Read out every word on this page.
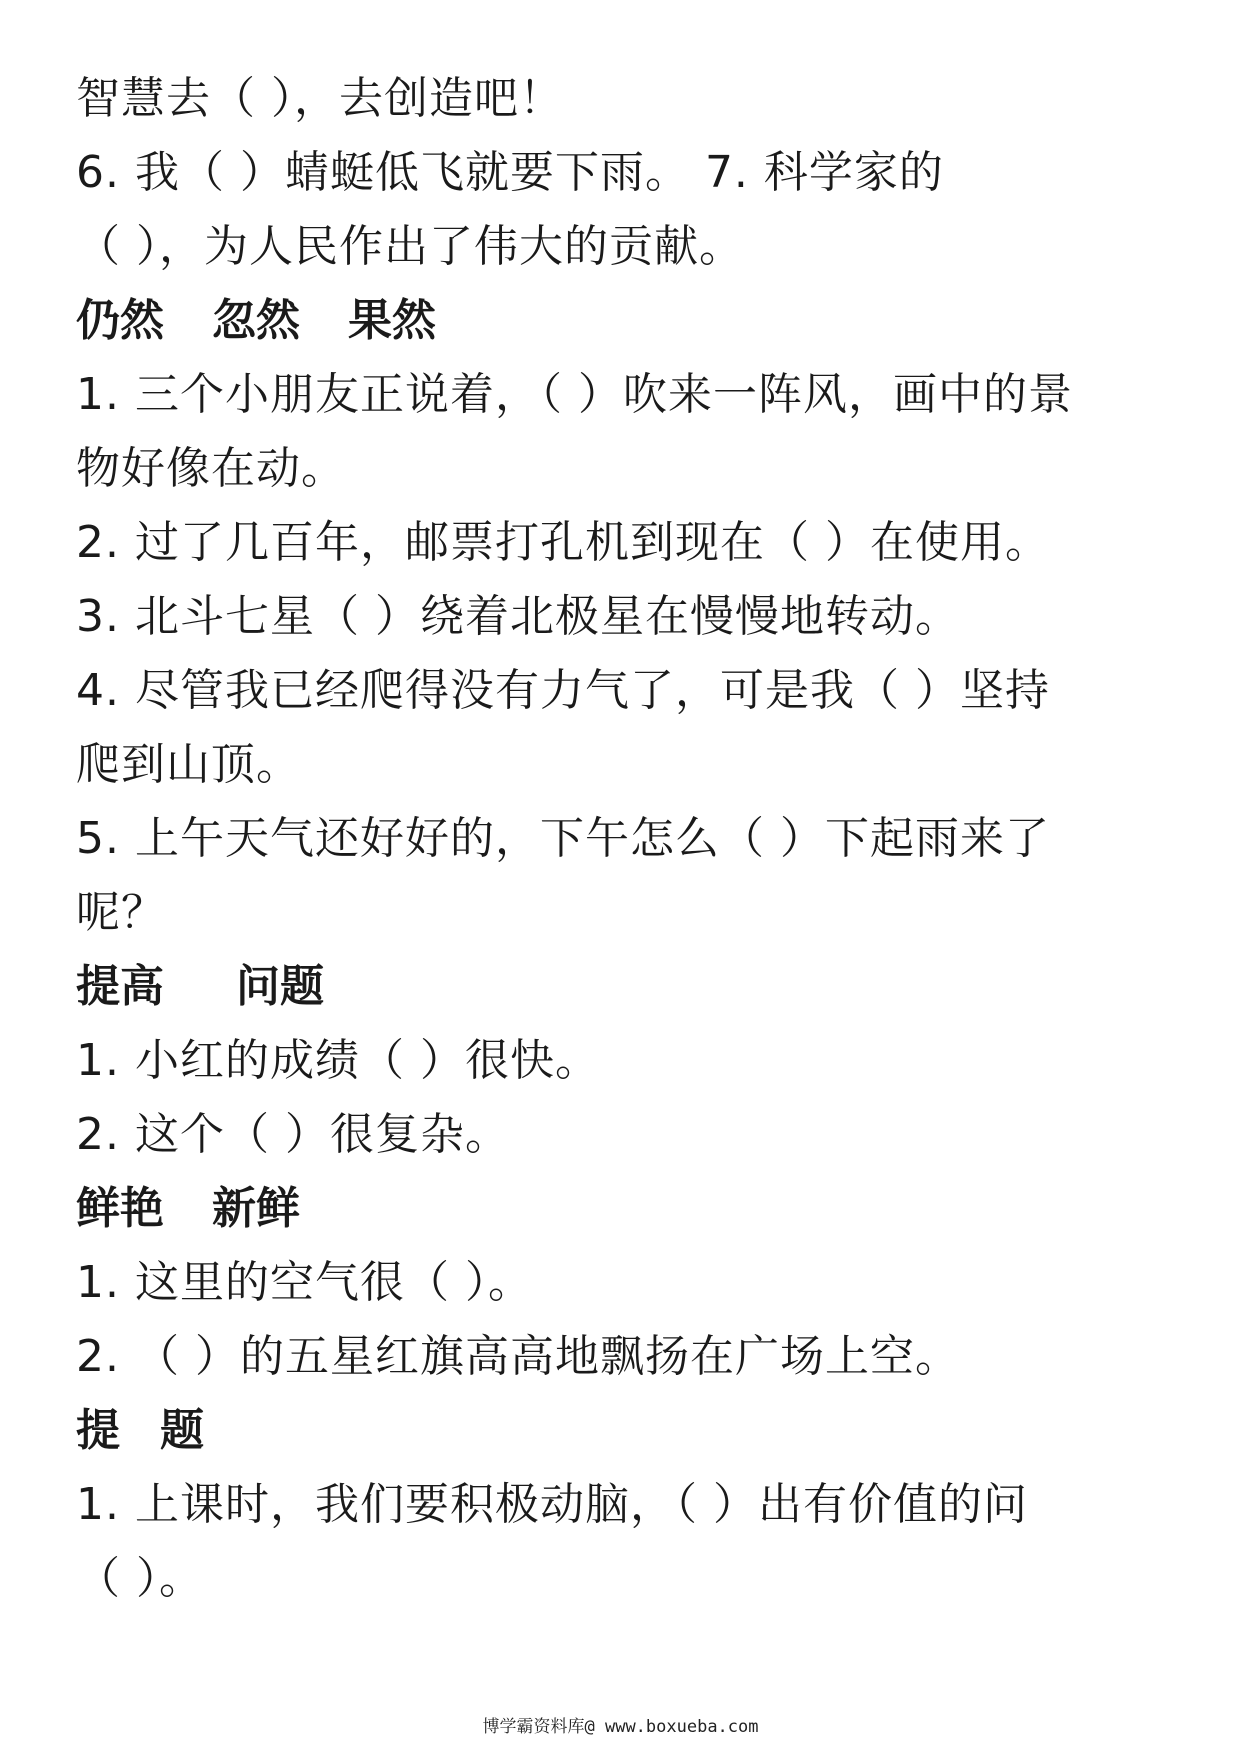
智慧去（ ），去创造吧！
6. 我（ ）蜻蜓低飞就要下雨。 7. 科学家的
（ ），为人民作出了伟大的贡献。
仍然 忽然 果然
1. 三个小朋友正说着，（ ）吹来一阵风，画中的景
物好像在动。
2. 过了几百年，邮票打孔机到现在（ ）在使用。
3. 北斗七星（ ）绕着北极星在慢慢地转动。
4. 尽管我已经爬得没有力气了，可是我（ ）坚持
爬到山顶。
5. 上午天气还好好的，下午怎么（ ）下起雨来了
呢？
提高 问题
1. 小红的成绩（ ）很快。
2. 这个（ ）很复杂。
鲜艳 新鲜
1. 这里的空气很（ ）。
2. （ ）的五星红旗高高地飘扬在广场上空。
提 题
1. 上课时，我们要积极动脑，（ ）出有价值的问
（ ）。
博学霸资料库@ www.boxueba.com
